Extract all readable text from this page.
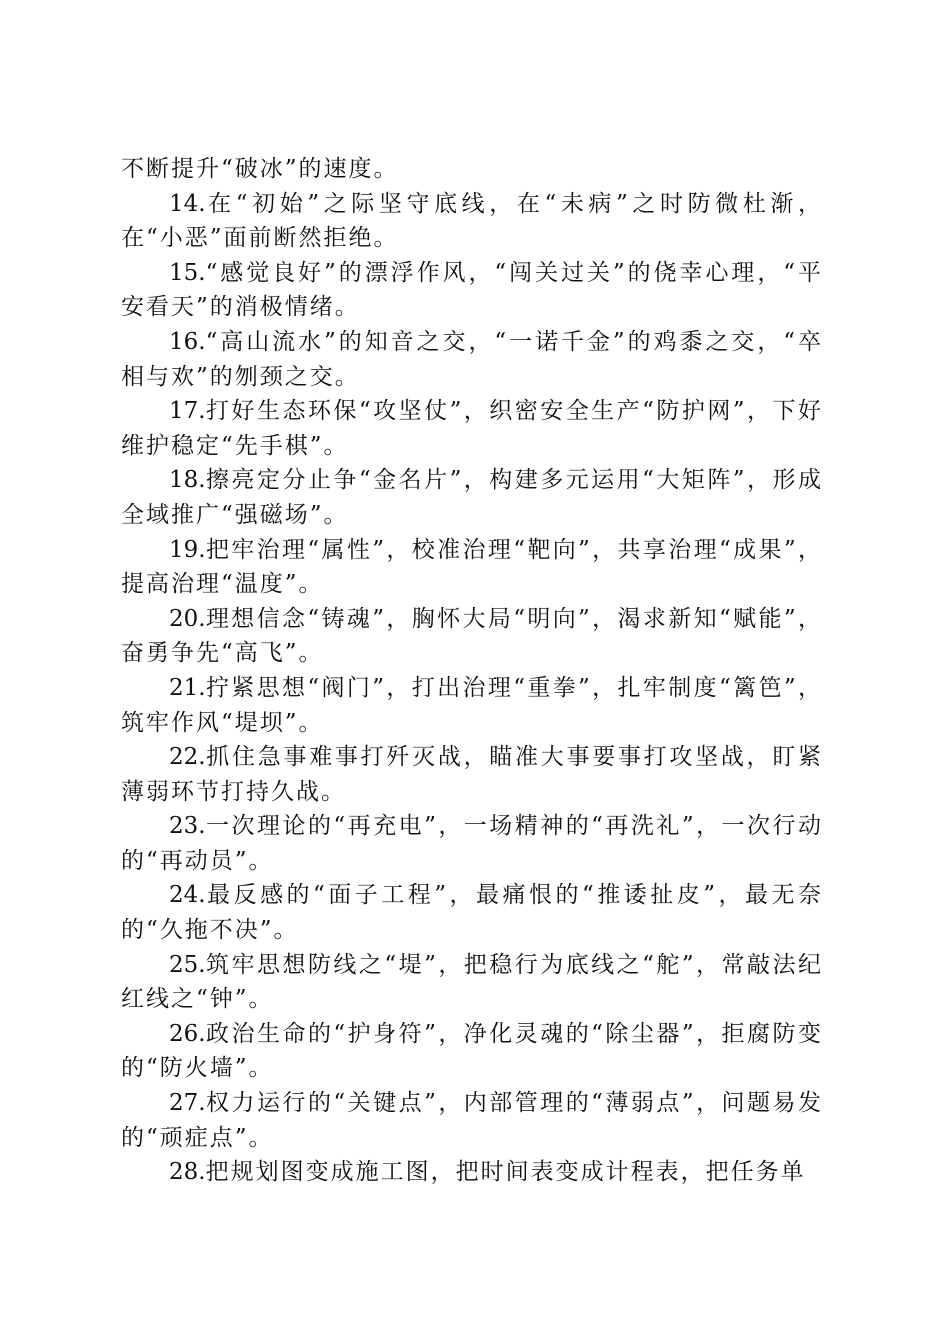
不断提升“破冰”的速度。

14.在“初始”之际坚守底线，在“未病”之时防微杜渐，在“小恶”面前断然拒绝。

15.“感觉良好”的漂浮作风，“闯关过关”的侥幸心理，“平安看天”的消极情绪。

16.“高山流水”的知音之交，“一诺千金”的鸡黍之交，“卒相与欢”的刎颈之交。

17.打好生态环保“攻坚仗”，织密安全生产“防护网”，下好维护稳定“先手棋”。

18.擦亮定分止争“金名片”，构建多元运用“大矩阵”，形成全域推广“强磁场”。

19.把牢治理“属性”，校准治理“靶向”，共享治理“成果”，提高治理“温度”。

20.理想信念“铸魂”，胸怀大局“明向”，渴求新知“赋能”，奋勇争先“高飞”。

21.拧紧思想“阀门”，打出治理“重拳”，扎牢制度“篱笆”，筑牢作风“堤坝”。

22.抓住急事难事打歼灭战，瞄准大事要事打攻坚战，盯紧薄弱环节打持久战。

23.一次理论的“再充电”，一场精神的“再洗礼”，一次行动的“再动员”。

24.最反感的“面子工程”，最痛恨的“推诿扯皮”，最无奈的“久拖不决”。

25.筑牢思想防线之“堤”，把稳行为底线之“舵”，常敲法纪红线之“钟”。

26.政治生命的“护身符”，净化灵魂的“除尘器”，拒腐防变的“防火墙”。

27.权力运行的“关键点”，内部管理的“薄弱点”，问题易发的“顽症点”。

28.把规划图变成施工图，把时间表变成计程表，把任务单
